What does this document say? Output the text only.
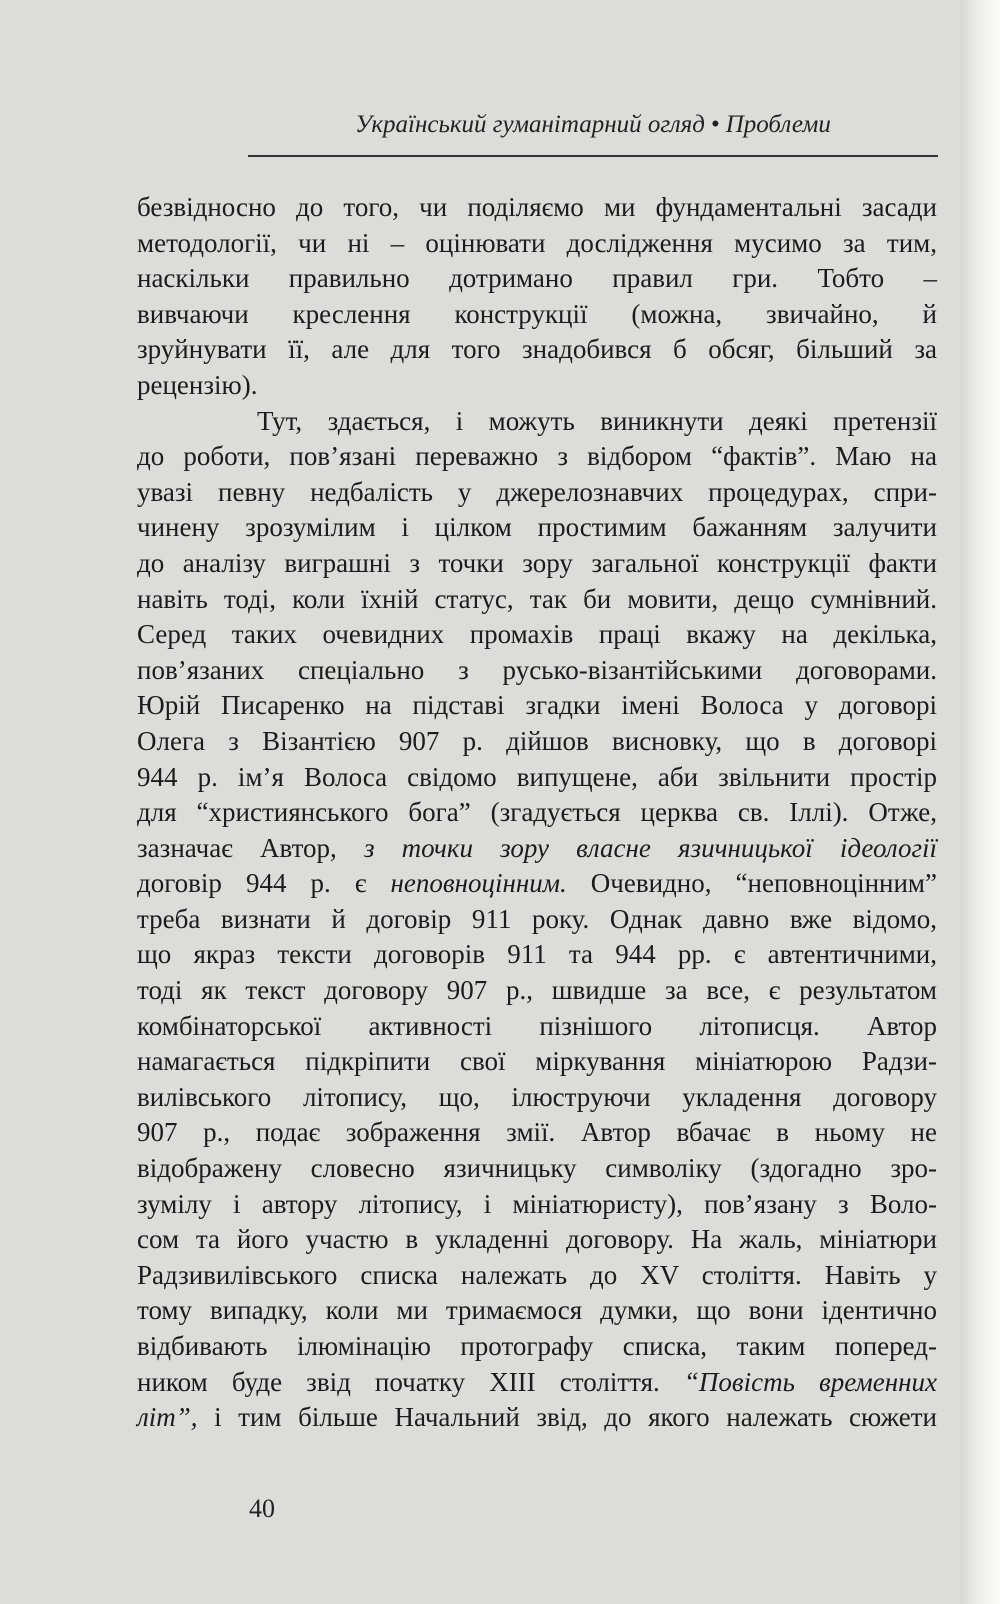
Український гуманітарний огляд • Проблеми
безвідносно до того, чи поділяємо ми фундаментальні засади
методології, чи ні – оцінювати дослідження мусимо за тим,
наскільки правильно дотримано правил гри. Тобто –
вивчаючи креслення конструкції (можна, звичайно, й
зруйнувати її, але для того знадобився б обсяг, більший за
рецензію).
Тут, здається, і можуть виникнути деякі претензії
до роботи, пов’язані переважно з відбором “фактів”. Маю на
увазі певну недбалість у джерелознавчих процедурах, спри-
чинену зрозумілим і цілком простимим бажанням залучити
до аналізу виграшні з точки зору загальної конструкції факти
навіть тоді, коли їхній статус, так би мовити, дещо сумнівний.
Серед таких очевидних промахів праці вкажу на декілька,
пов’язаних спеціально з русько-візантійськими договорами.
Юрій Писаренко на підставі згадки імені Волоса у договорі
Олега з Візантією 907 р. дійшов висновку, що в договорі
944 р. ім’я Волоса свідомо випущене, аби звільнити простір
для “християнського бога” (згадується церква св. Іллі). Отже,
зазначає Автор, з точки зору власне язичницької ідеології
договір 944 р. є неповноцінним. Очевидно, “неповноцінним”
треба визнати й договір 911 року. Однак давно вже відомо,
що якраз тексти договорів 911 та 944 рр. є автентичними,
тоді як текст договору 907 р., швидше за все, є результатом
комбінаторської активності пізнішого літописця. Автор
намагається підкріпити свої міркування мініатюрою Радзи-
вилівського літопису, що, ілюструючи укладення договору
907 р., подає зображення змії. Автор вбачає в ньому не
відображену словесно язичницьку символіку (здогадно зро-
зумілу і автору літопису, і мініатюристу), пов’язану з Воло-
сом та його участю в укладенні договору. На жаль, мініатюри
Радзивилівського списка належать до XV століття. Навіть у
тому випадку, коли ми тримаємося думки, що вони ідентично
відбивають ілюмінацію протографу списка, таким поперед-
ником буде звід початку XIII століття. “Повість временних
літ”, і тим більше Начальний звід, до якого належать сюжети
40
